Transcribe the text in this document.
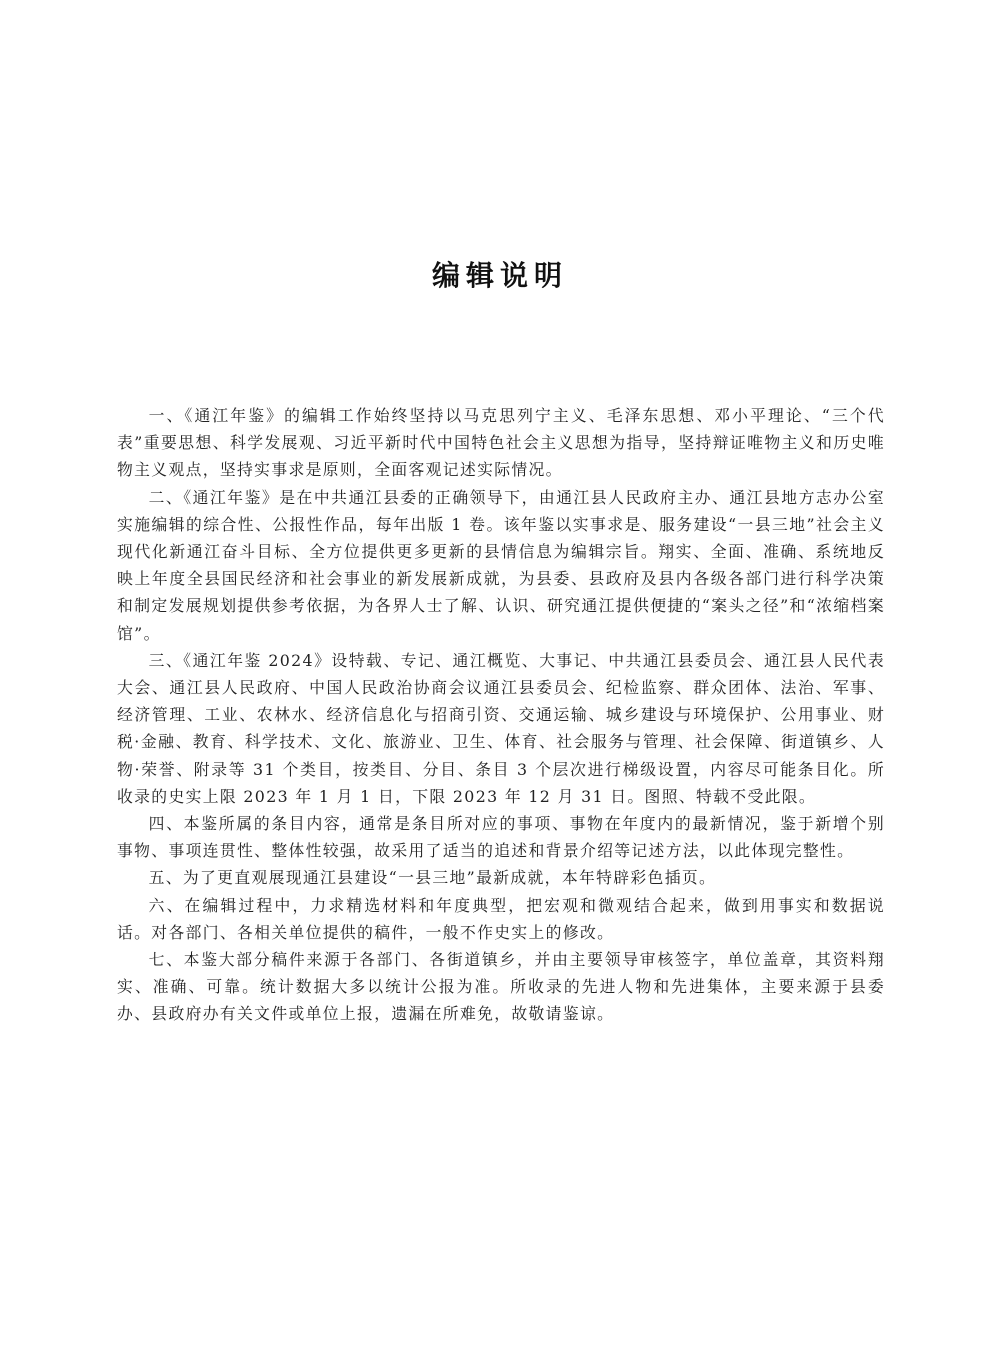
编辑说明

一、《通江年鉴》的编辑工作始终坚持以马克思列宁主义、毛泽东思想、邓小平理论、“三个代表”重要思想、科学发展观、习近平新时代中国特色社会主义思想为指导，坚持辩证唯物主义和历史唯物主义观点，坚持实事求是原则，全面客观记述实际情况。

二、《通江年鉴》是在中共通江县委的正确领导下，由通江县人民政府主办、通江县地方志办公室实施编辑的综合性、公报性作品，每年出版 1 卷。该年鉴以实事求是、服务建设“一县三地”社会主义现代化新通江奋斗目标、全方位提供更多更新的县情信息为编辑宗旨。翔实、全面、准确、系统地反映上年度全县国民经济和社会事业的新发展新成就，为县委、县政府及县内各级各部门进行科学决策和制定发展规划提供参考依据，为各界人士了解、认识、研究通江提供便捷的“案头之径”和“浓缩档案馆”。

三、《通江年鉴 2024》设特载、专记、通江概览、大事记、中共通江县委员会、通江县人民代表大会、通江县人民政府、中国人民政治协商会议通江县委员会、纪检监察、群众团体、法治、军事、经济管理、工业、农林水、经济信息化与招商引资、交通运输、城乡建设与环境保护、公用事业、财税·金融、教育、科学技术、文化、旅游业、卫生、体育、社会服务与管理、社会保障、街道镇乡、人物·荣誉、附录等 31 个类目，按类目、分目、条目 3 个层次进行梯级设置，内容尽可能条目化。所收录的史实上限 2023 年 1 月 1 日，下限 2023 年 12 月 31 日。图照、特载不受此限。

四、本鉴所属的条目内容，通常是条目所对应的事项、事物在年度内的最新情况，鉴于新增个别事物、事项连贯性、整体性较强，故采用了适当的追述和背景介绍等记述方法，以此体现完整性。

五、为了更直观展现通江县建设“一县三地”最新成就，本年特辟彩色插页。

六、在编辑过程中，力求精选材料和年度典型，把宏观和微观结合起来，做到用事实和数据说话。对各部门、各相关单位提供的稿件，一般不作史实上的修改。

七、本鉴大部分稿件来源于各部门、各街道镇乡，并由主要领导审核签字，单位盖章，其资料翔实、准确、可靠。统计数据大多以统计公报为准。所收录的先进人物和先进集体，主要来源于县委办、县政府办有关文件或单位上报，遗漏在所难免，故敬请鉴谅。
